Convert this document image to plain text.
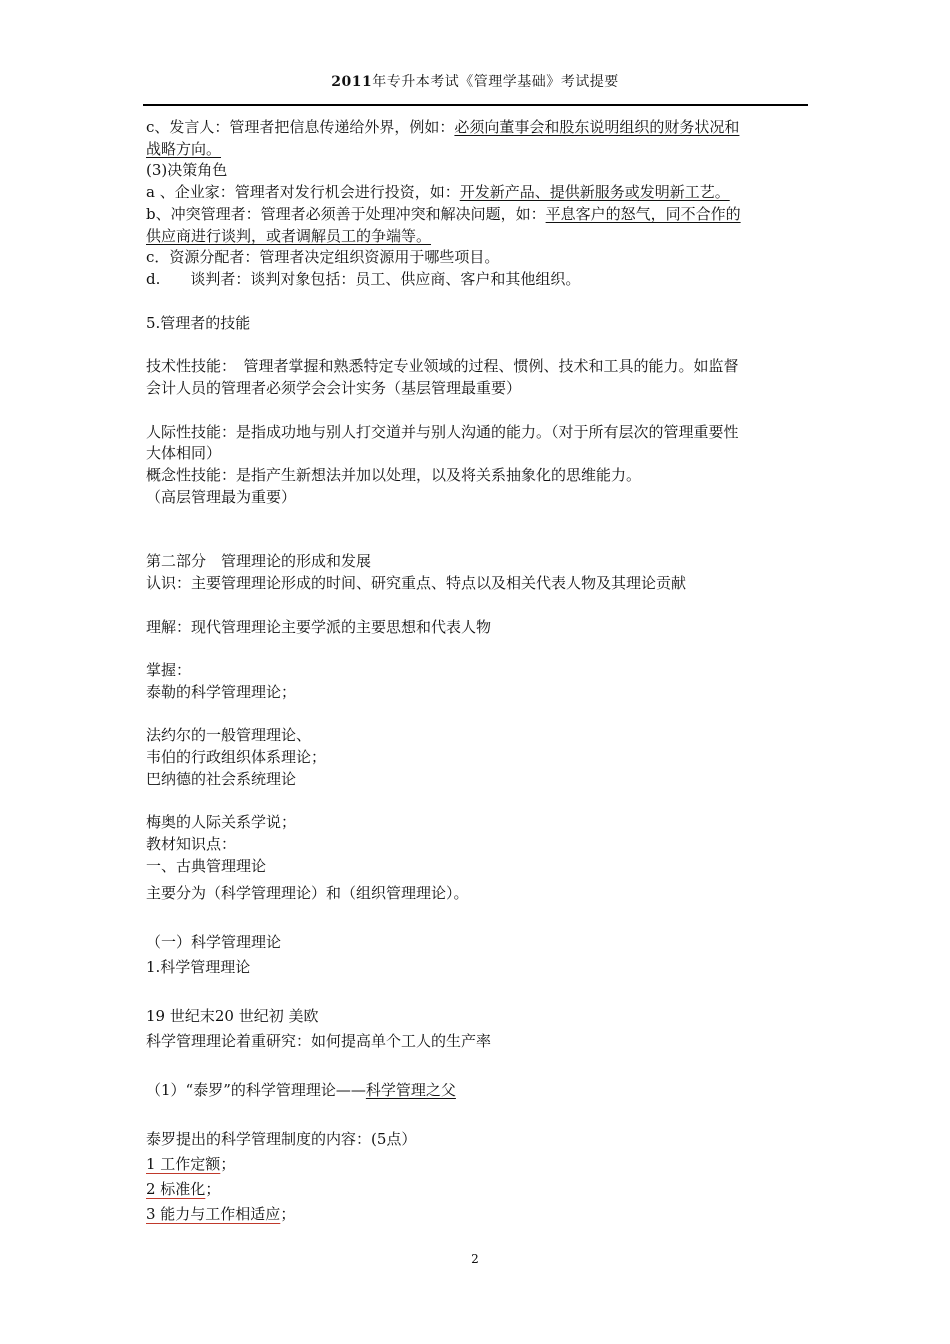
2011年专升本考试《管理学基础》考试提要
c、发言人：管理者把信息传递给外界，例如：必须向董事会和股东说明组织的财务状况和
战略方向。
(3)决策角色
a 、企业家：管理者对发行机会进行投资，如：开发新产品、提供新服务或发明新工艺。
b、冲突管理者：管理者必须善于处理冲突和解决问题，如：平息客户的怒气，同不合作的
供应商进行谈判，或者调解员工的争端等。
c．资源分配者：管理者决定组织资源用于哪些项目。
d.　　谈判者：谈判对象包括：员工、供应商、客户和其他组织。
5.管理者的技能
技术性技能：　管理者掌握和熟悉特定专业领域的过程、惯例、技术和工具的能力。如监督
会计人员的管理者必须学会会计实务（基层管理最重要）
人际性技能：是指成功地与别人打交道并与别人沟通的能力。（对于所有层次的管理重要性
大体相同）
概念性技能：是指产生新想法并加以处理，以及将关系抽象化的思维能力。
（高层管理最为重要）
第二部分　管理理论的形成和发展
认识：主要管理理论形成的时间、研究重点、特点以及相关代表人物及其理论贡献
理解：现代管理理论主要学派的主要思想和代表人物
掌握：
泰勒的科学管理理论；
法约尔的一般管理理论、
韦伯的行政组织体系理论；
巴纳德的社会系统理论
梅奥的人际关系学说；
教材知识点：
一、古典管理理论
主要分为（科学管理理论）和（组织管理理论）。
（一）科学管理理论
1.科学管理理论
19 世纪末20 世纪初 美欧
科学管理理论着重研究：如何提高单个工人的生产率
（1）“泰罗”的科学管理理论——科学管理之父
泰罗提出的科学管理制度的内容：(5点）
1 工作定额；
2 标准化；
3 能力与工作相适应；
2
